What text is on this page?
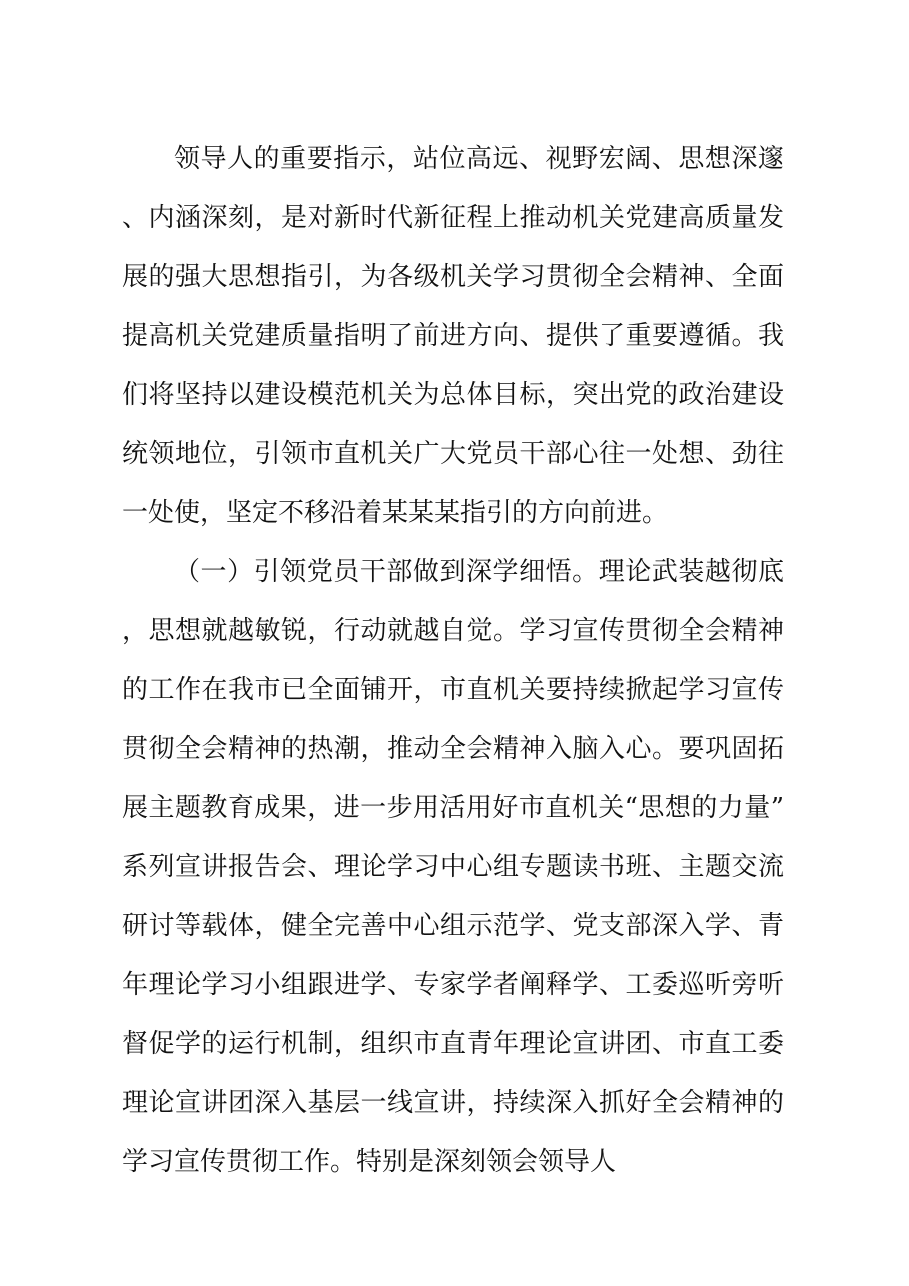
领导人的重要指示，站位高远、视野宏阔、思想深邃、内涵深刻，是对新时代新征程上推动机关党建高质量发展的强大思想指引，为各级机关学习贯彻全会精神、全面提高机关党建质量指明了前进方向、提供了重要遵循。我们将坚持以建设模范机关为总体目标，突出党的政治建设统领地位，引领市直机关广大党员干部心往一处想、劲往一处使，坚定不移沿着某某某指引的方向前进。

（一）引领党员干部做到深学细悟。理论武装越彻底，思想就越敏锐，行动就越自觉。学习宣传贯彻全会精神的工作在我市已全面铺开，市直机关要持续掀起学习宣传贯彻全会精神的热潮，推动全会精神入脑入心。要巩固拓展主题教育成果，进一步用活用好市直机关“思想的力量”系列宣讲报告会、理论学习中心组专题读书班、主题交流研讨等载体，健全完善中心组示范学、党支部深入学、青年理论学习小组跟进学、专家学者阐释学、工委巡听旁听督促学的运行机制，组织市直青年理论宣讲团、市直工委理论宣讲团深入基层一线宣讲，持续深入抓好全会精神的学习宣传贯彻工作。特别是深刻领会领导人
